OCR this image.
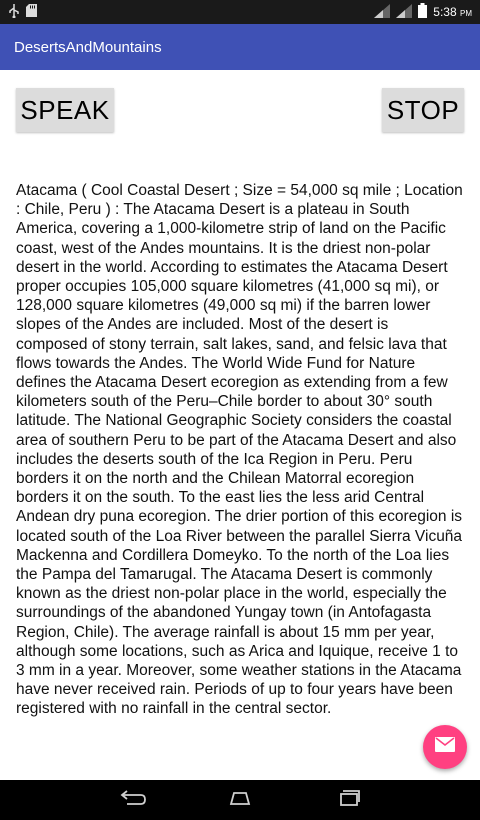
5:38 PM
DesertsAndMountains
SPEAK	STOP
Atacama ( Cool Coastal Desert ; Size = 54,000 sq mile ; Location : Chile, Peru ) : The Atacama Desert is a plateau in South America, covering a 1,000-kilometre strip of land on the Pacific coast, west of the Andes mountains. It is the driest non-polar desert in the world. According to estimates the Atacama Desert proper occupies 105,000 square kilometres (41,000 sq mi), or 128,000 square kilometres (49,000 sq mi) if the barren lower slopes of the Andes are included. Most of the desert is composed of stony terrain, salt lakes, sand, and felsic lava that flows towards the Andes. The World Wide Fund for Nature defines the Atacama Desert ecoregion as extending from a few kilometers south of the Peru–Chile border to about 30° south latitude. The National Geographic Society considers the coastal area of southern Peru to be part of the Atacama Desert and also includes the deserts south of the Ica Region in Peru. Peru borders it on the north and the Chilean Matorral ecoregion borders it on the south. To the east lies the less arid Central Andean dry puna ecoregion. The drier portion of this ecoregion is located south of the Loa River between the parallel Sierra Vicuña Mackenna and Cordillera Domeyko. To the north of the Loa lies the Pampa del Tamarugal. The Atacama Desert is commonly known as the driest non-polar place in the world, especially the surroundings of the abandoned Yungay town (in Antofagasta Region, Chile). The average rainfall is about 15 mm per year, although some locations, such as Arica and Iquique, receive 1 to 3 mm in a year. Moreover, some weather stations in the Atacama have never received rain. Periods of up to four years have been registered with no rainfall in the central sector.
